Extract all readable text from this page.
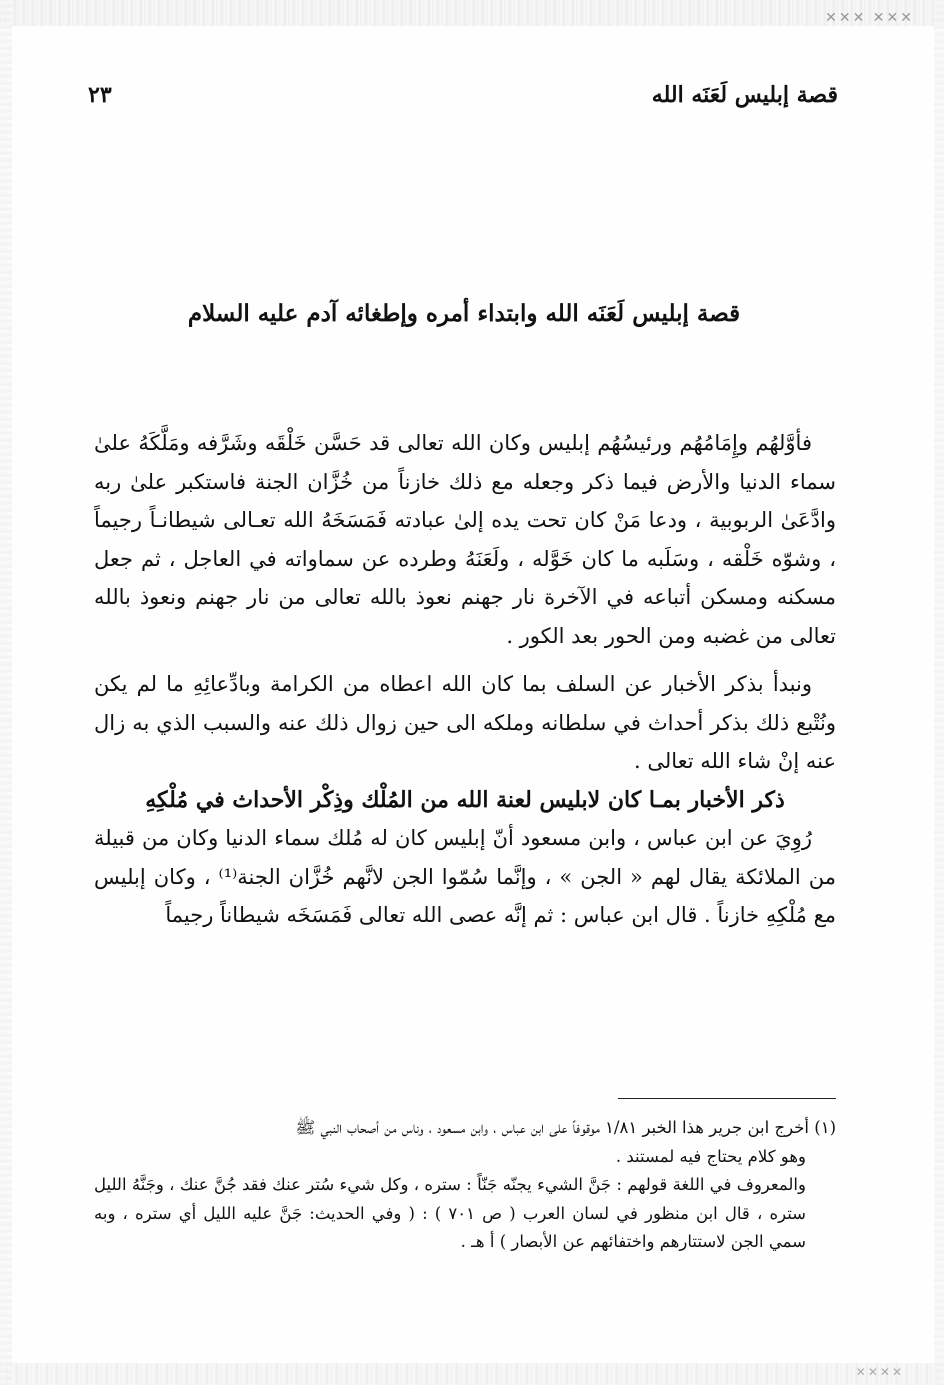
✕✕✕ ✕✕✕
قصة إبليس لَعَنَه الله
٢٣
قصة إبليس لَعَنَه الله وابتداء أمره وإطغائه آدم عليه السلام

فأوَّلهُم وإِمَامُهُم ورئيسُهُم إبليس وكان الله تعالى قد حَسَّن خَلْقَه وشَرَّفه ومَلَّكَهُ علىٰ سماء الدنيا والأرض فيما ذكر وجعله مع ذلك خازناً من خُزَّان الجنة فاستكبر علىٰ ربه وادَّعَىٰ الربوبية ، ودعا مَنْ كان تحت يده إلىٰ عبادته فَمَسَخَهُ الله تعـالى شيطانـاً رجيماً ، وشوّه خَلْقه ، وسَلَبه ما كان خَوَّله ، ولَعَنَهُ وطرده عن سماواته في العاجل ، ثم جعل مسكنه ومسكن أتباعه في الآخرة نار جهنم نعوذ بالله تعالى من نار جهنم ونعوذ بالله تعالى من غضبه ومن الحور بعد الكور .

ونبدأ بذكر الأخبار عن السلف بما كان الله اعطاه من الكرامة وبادِّعائِهِ ما لم يكن ونُتْبع ذلك بذكر أحداث في سلطانه وملكه الى حين زوال ذلك عنه والسبب الذي به زال عنه إنْ شاء الله تعالى .

ذكر الأخبار بمـا كان لابليس لعنة الله من المُلْك وذِكْر الأحداث في مُلْكِهِ

رُوِيَ عن ابن عباس ، وابن مسعود أنّ إبليس كان له مُلك سماء الدنيا وكان من قبيلة من الملائكة يقال لهم « الجن » ، وإنَّما سُمّوا الجن لانَّهم خُزَّان الجنة⁽¹⁾ ، وكان إبليس مع مُلْكِهِ خازناً . قال ابن عباس : ثم إنَّه عصى الله تعالى فَمَسَخَه شيطاناً رجيماً

(١) أخرج ابن جرير هذا الخبر ١/٨١ موقوفاً على ابن عباس ، وابن مسعود ، وناس من أصحاب النبي ﷺ

وهو كلام يحتاج فيه لمستند .

والمعروف في اللغة قولهم : جَنَّ الشيء يجنّه جَنّاً : ستره ، وكل شيء سُتر عنك فقد جُنَّ عنك ، وجَنَّهُ الليل ستره ، قال ابن منظور في لسان العرب ( ص ٧٠١ ) : ( وفي الحديث: جَنَّ عليه الليل أي ستره ، وبه سمي الجن لاستتارهم واختفائهم عن الأبصار ) أ هـ .

✕✕✕✕
